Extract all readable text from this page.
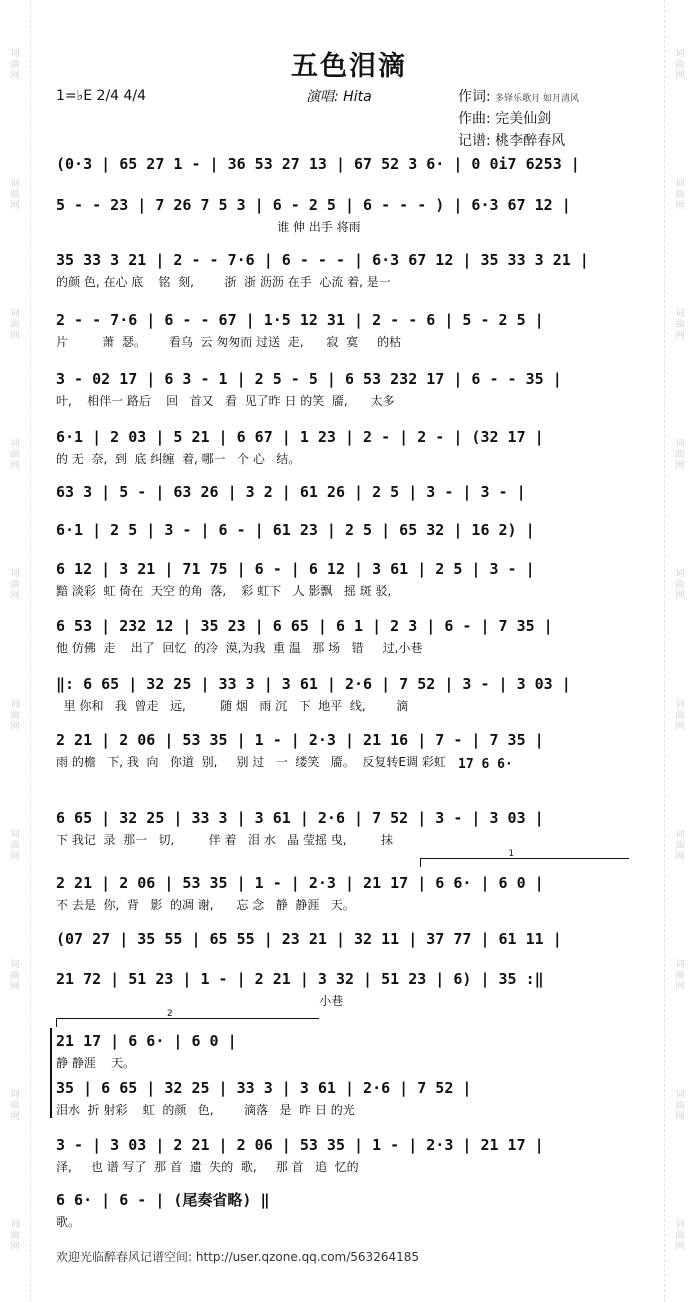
词
曲
网
词
曲
网
词
曲
网
词
曲
网
词
曲
网
词
曲
网
词
曲
网
词
曲
网
词
曲
网
词
曲
网
词
曲
网
词
曲
网
词
曲
网
词
曲
网
词
曲
网
词
曲
网
词
曲
网
词
曲
网
词
曲
网
词
曲
网
五色泪滴
1=♭E 2/4 4/4	演唱: Hita	作词: 多铎乐歌月 如月清风
作曲: 完美仙剑
记谱: 桃李醉春风
(0·3 | 65 27 1 - | 36 53 27 13 | 67 52 3 6· | 0 0i7 6253 |
5 - - 23 | 7 26 7 5 3 | 6 - 2 5 | 6 - - - ) | 6·3 67 12 |
谁 伸 出手 将雨
35 33 3 21 | 2 - - 7·6 | 6 - - - | 6·3 67 12 | 35 33 3 21 |
的颜 色, 在心 底    铭  刻,        浙  浙 沥沥 在手  心流 着, 是一
2 - - 7·6 | 6 - - 67 | 1·5 12 31 | 2 - - 6 | 5 - 2 5 |
片         萧  瑟。      看乌  云 匆匆而 过送  走,      寂  寞     的枯
3 - 02 17 | 6 3 - 1 | 2 5 - 5 | 6 53 232 17 | 6 - - 35 |
叶,    相伴一 路后    回   首又   看  见了昨 日 的笑  靥,      太多
6·1 | 2 03 | 5 21 | 6 67 | 1 23 | 2 - | 2 - | (32 17 |
的 无  奈,  到  底 纠缠  着, 哪一   个 心   结。
63 3 | 5 - | 63 26 | 3 2 | 61 26 | 2 5 | 3 - | 3 - |
6·1 | 2 5 | 3 - | 6 - | 61 23 | 2 5 | 65 32 | 16 2) |
6 12 | 3 21 | 71 75 | 6 - | 6 12 | 3 61 | 2 5 | 3 - |
黯 淡彩  虹 倚在  天空 的角  落,    彩 虹下   人 影飘   摇 斑 驳,
6 53 | 232 12 | 35 23 | 6 65 | 6 1 | 2 3 | 6 - | 7 35 |
他 仿佛  走    出了  回忆  的冷  漠,为我  重 温   那 场   错     过,小巷
‖: 6 65 | 32 25 | 33 3 | 3 61 | 2·6 | 7 52 | 3 - | 3 03 |
里 你和   我  曾走   远,         随 烟   雨 沉   下  地平  线,        滴
2 21 | 2 06 | 53 35 | 1 - | 2·3 | 21 16 | 7 - | 7 35 |
雨 的檐   下, 我  向   你道  别,     别 过   一  缕笑   靥。  反复转E调 彩虹
6 65 | 32 25 | 33 3 | 3 61 | 2·6 | 7 52 | 3 - | 3 03 |
下 我记  录  那一   切,         伴 着   泪 水   晶 莹摇 曳,         抹
2 21 | 2 06 | 53 35 | 1 - | 2·3 | 21 17 | 6 6· | 6 0 |
不 去是  你,  背   影  的凋 谢,      忘 念   静  静涯   天。
(07 27 | 35 55 | 65 55 | 23 21 | 32 11 | 37 77 | 61 11 |
21 72 | 51 23 | 1 - | 2 21 | 3 32 | 51 23 | 6) | 35 :‖
小巷
21 17 | 6 6· | 6 0 |
静 静涯    天。
35 | 6 65 | 32 25 | 33 3 | 3 61 | 2·6 | 7 52 |
泪水  折 射彩    虹  的颜   色,        滴落   是  昨 日 的光
3 - | 3 03 | 2 21 | 2 06 | 53 35 | 1 - | 2·3 | 21 17 |
泽,     也 谱 写了  那 首  遗  失的  歌,     那 首   追  忆的
6 6· | 6 - | (尾奏省略) ‖
歌。
1
2
17 6 6·
欢迎光临醉春风记谱空间: http://user.qzone.qq.com/563264185
